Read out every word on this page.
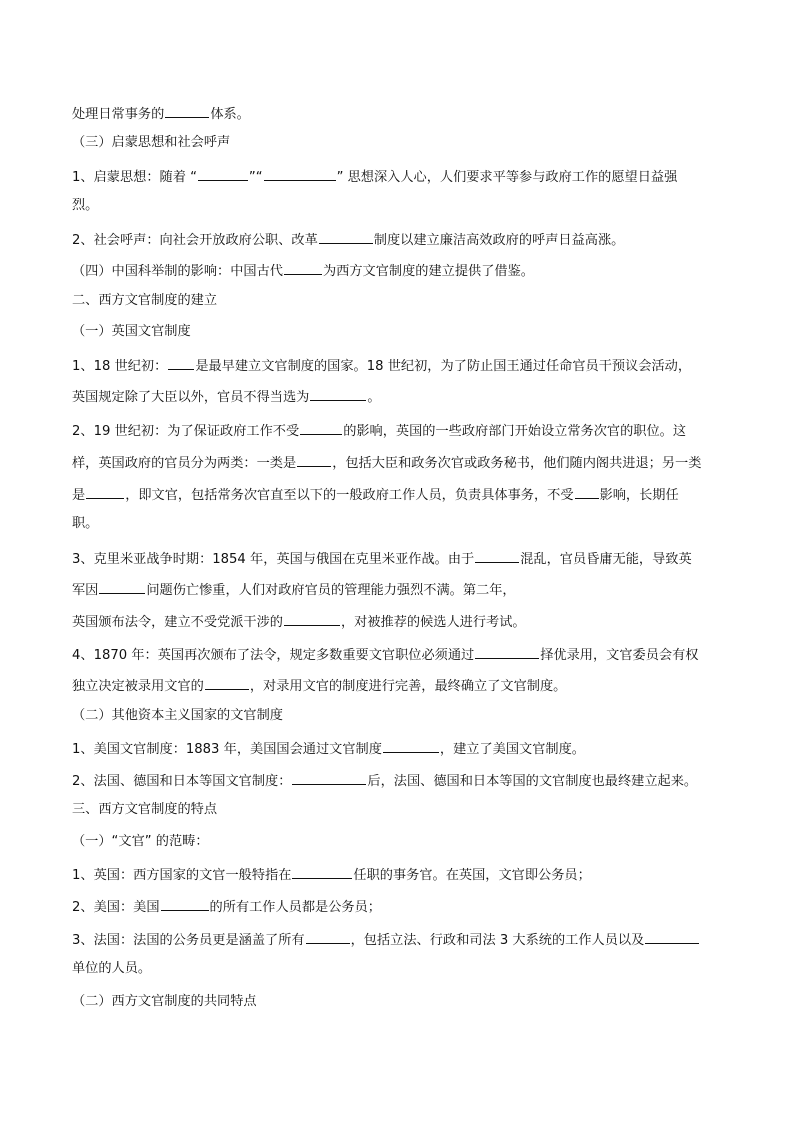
处理日常事务的	体系。
（三）启蒙思想和社会呼声
1、启蒙思想：随着 “	”“	” 思想深入人心，人们要求平等参与政府工作的愿望日益强
烈。
2、社会呼声：向社会开放政府公职、改革	制度以建立廉洁高效政府的呼声日益高涨。
（四）中国科举制的影响：中国古代	为西方文官制度的建立提供了借鉴。
二、西方文官制度的建立
（一）英国文官制度
1、18 世纪初： 是最早建立文官制度的国家。18 世纪初，为了防止国王通过任命官员干预议会活动，
英国规定除了大臣以外，官员不得当选为	。
2、19 世纪初：为了保证政府工作不受	的影响，英国的一些政府部门开始设立常务次官的职位。这
样，英国政府的官员分为两类：一类是	，包括大臣和政务次官或政务秘书，他们随内阁共进退；另一类
是	，即文官，包括常务次官直至以下的一般政府工作人员，负责具体事务，不受 影响，长期任
职。
3、克里米亚战争时期：1854 年，英国与俄国在克里米亚作战。由于	混乱，官员昏庸无能，导致英
军因	问题伤亡惨重，人们对政府官员的管理能力强烈不满。第二年，
英国颁布法令，建立不受党派干涉的	，对被推荐的候选人进行考试。
4、1870 年：英国再次颁布了法令，规定多数重要文官职位必须通过	择优录用，文官委员会有权
独立决定被录用文官的	，对录用文官的制度进行完善，最终确立了文官制度。
（二）其他资本主义国家的文官制度
1、美国文官制度：1883 年，美国国会通过文官制度	，建立了美国文官制度。
2、法国、德国和日本等国文官制度：	后，法国、德国和日本等国的文官制度也最终建立起来。
三、西方文官制度的特点
（一）“文官” 的范畴：
1、英国：西方国家的文官一般特指在	任职的事务官。在英国，文官即公务员；
2、美国：美国	的所有工作人员都是公务员；
3、法国：法国的公务员更是涵盖了所有	，包括立法、行政和司法 3 大系统的工作人员以及
单位的人员。
（二）西方文官制度的共同特点
